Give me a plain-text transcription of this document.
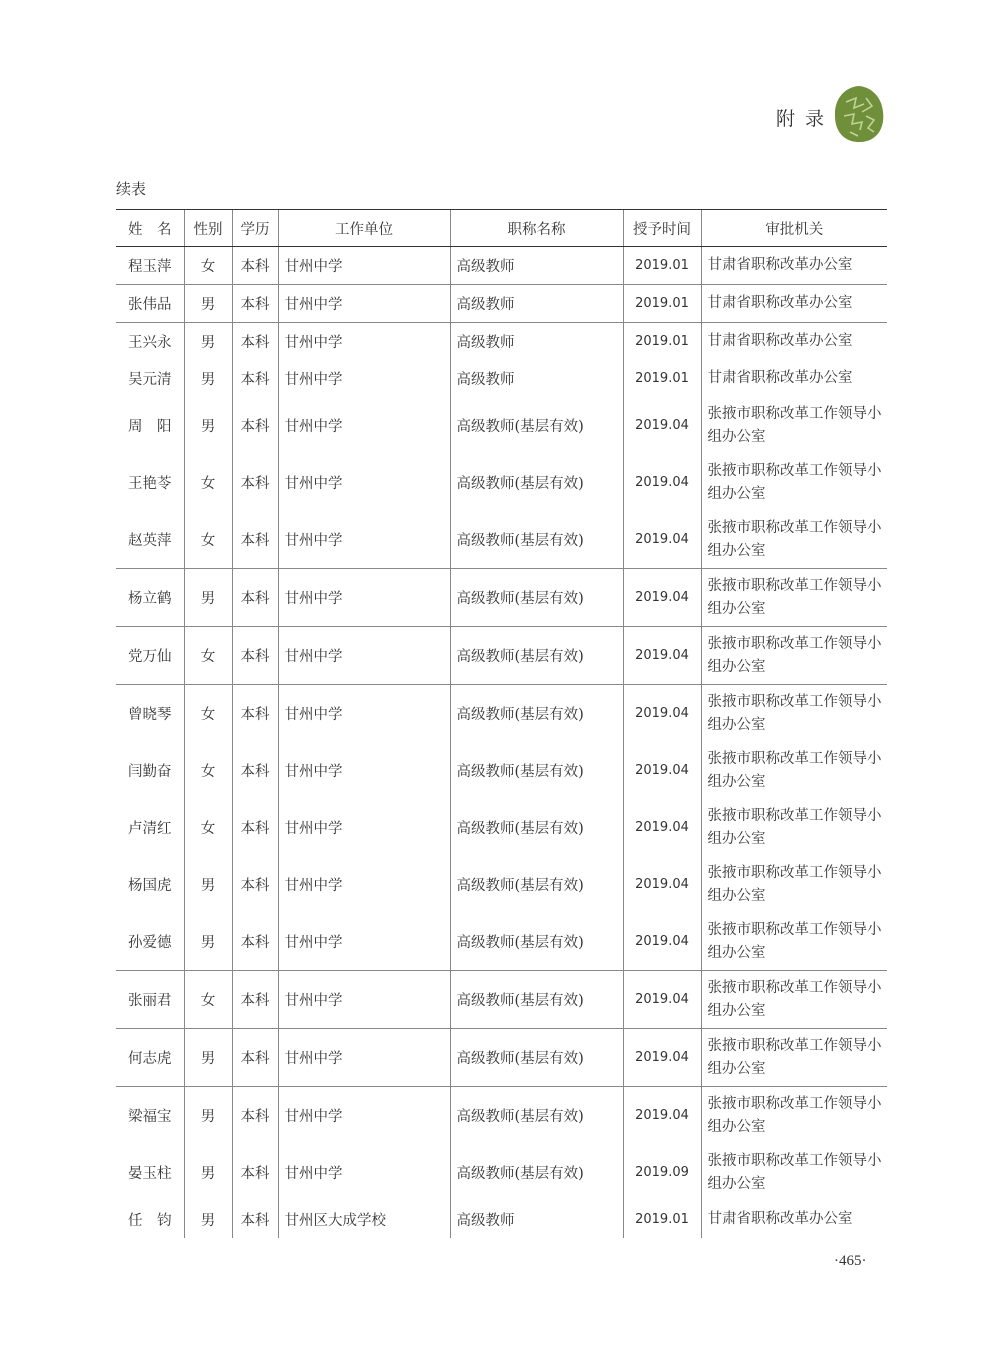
附 录
续表
姓　名	性别	学历	工作单位	职称名称	授予时间	审批机关
程玉萍	女	本科	甘州中学	高级教师	2019.01	甘肃省职称改革办公室
张伟品	男	本科	甘州中学	高级教师	2019.01	甘肃省职称改革办公室
王兴永	男	本科	甘州中学	高级教师	2019.01	甘肃省职称改革办公室
吴元清	男	本科	甘州中学	高级教师	2019.01	甘肃省职称改革办公室
周　阳	男	本科	甘州中学	高级教师(基层有效)	2019.04	张掖市职称改革工作领导小组办公室
王艳苓	女	本科	甘州中学	高级教师(基层有效)	2019.04	张掖市职称改革工作领导小组办公室
赵英萍	女	本科	甘州中学	高级教师(基层有效)	2019.04	张掖市职称改革工作领导小组办公室
杨立鹤	男	本科	甘州中学	高级教师(基层有效)	2019.04	张掖市职称改革工作领导小组办公室
党万仙	女	本科	甘州中学	高级教师(基层有效)	2019.04	张掖市职称改革工作领导小组办公室
曾晓琴	女	本科	甘州中学	高级教师(基层有效)	2019.04	张掖市职称改革工作领导小组办公室
闫勤奋	女	本科	甘州中学	高级教师(基层有效)	2019.04	张掖市职称改革工作领导小组办公室
卢清红	女	本科	甘州中学	高级教师(基层有效)	2019.04	张掖市职称改革工作领导小组办公室
杨国虎	男	本科	甘州中学	高级教师(基层有效)	2019.04	张掖市职称改革工作领导小组办公室
孙爱德	男	本科	甘州中学	高级教师(基层有效)	2019.04	张掖市职称改革工作领导小组办公室
张丽君	女	本科	甘州中学	高级教师(基层有效)	2019.04	张掖市职称改革工作领导小组办公室
何志虎	男	本科	甘州中学	高级教师(基层有效)	2019.04	张掖市职称改革工作领导小组办公室
梁福宝	男	本科	甘州中学	高级教师(基层有效)	2019.04	张掖市职称改革工作领导小组办公室
晏玉柱	男	本科	甘州中学	高级教师(基层有效)	2019.09	张掖市职称改革工作领导小组办公室
任　钧	男	本科	甘州区大成学校	高级教师	2019.01	甘肃省职称改革办公室
·465·
